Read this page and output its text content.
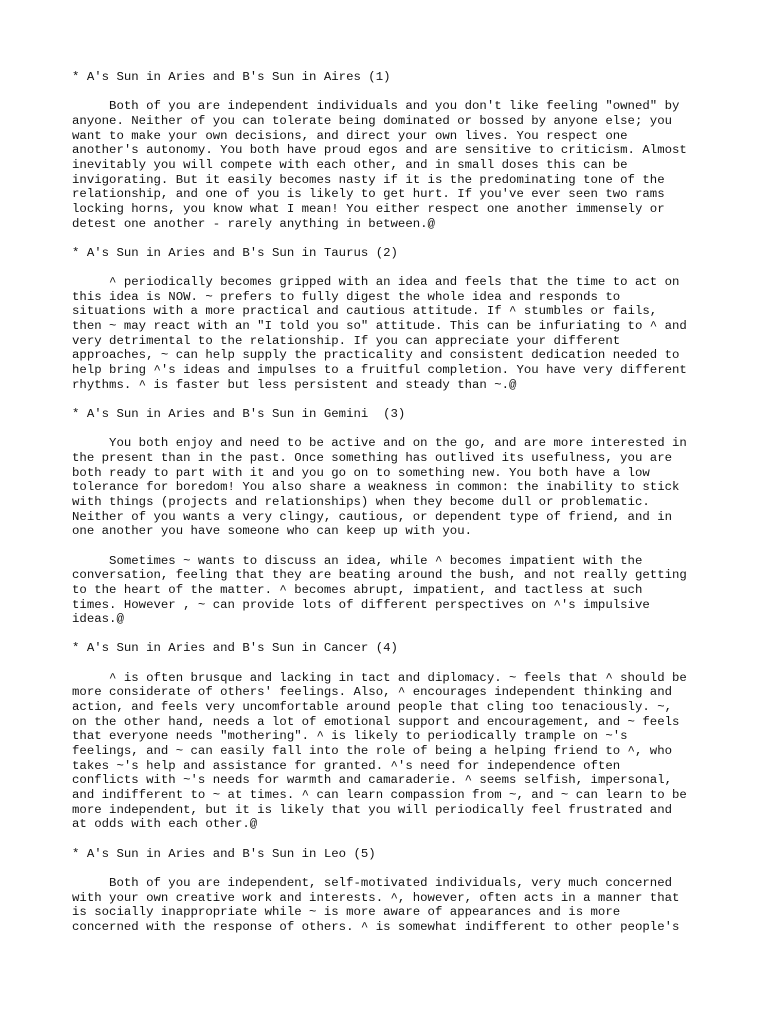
* A's Sun in Aries and B's Sun in Aires (1)
Both of you are independent individuals and you don't like feeling "owned" by
anyone. Neither of you can tolerate being dominated or bossed by anyone else; you
want to make your own decisions, and direct your own lives. You respect one
another's autonomy. You both have proud egos and are sensitive to criticism. Almost
inevitably you will compete with each other, and in small doses this can be
invigorating. But it easily becomes nasty if it is the predominating tone of the
relationship, and one of you is likely to get hurt. If you've ever seen two rams
locking horns, you know what I mean! You either respect one another immensely or
detest one another - rarely anything in between.@
* A's Sun in Aries and B's Sun in Taurus (2)
^ periodically becomes gripped with an idea and feels that the time to act on
this idea is NOW. ~ prefers to fully digest the whole idea and responds to
situations with a more practical and cautious attitude. If ^ stumbles or fails,
then ~ may react with an "I told you so" attitude. This can be infuriating to ^ and
very detrimental to the relationship. If you can appreciate your different
approaches, ~ can help supply the practicality and consistent dedication needed to
help bring ^'s ideas and impulses to a fruitful completion. You have very different
rhythms. ^ is faster but less persistent and steady than ~.@
* A's Sun in Aries and B's Sun in Gemini  (3)
You both enjoy and need to be active and on the go, and are more interested in
the present than in the past. Once something has outlived its usefulness, you are
both ready to part with it and you go on to something new. You both have a low
tolerance for boredom! You also share a weakness in common: the inability to stick
with things (projects and relationships) when they become dull or problematic.
Neither of you wants a very clingy, cautious, or dependent type of friend, and in
one another you have someone who can keep up with you.
Sometimes ~ wants to discuss an idea, while ^ becomes impatient with the
conversation, feeling that they are beating around the bush, and not really getting
to the heart of the matter. ^ becomes abrupt, impatient, and tactless at such
times. However , ~ can provide lots of different perspectives on ^'s impulsive
ideas.@
* A's Sun in Aries and B's Sun in Cancer (4)
^ is often brusque and lacking in tact and diplomacy. ~ feels that ^ should be
more considerate of others' feelings. Also, ^ encourages independent thinking and
action, and feels very uncomfortable around people that cling too tenaciously. ~,
on the other hand, needs a lot of emotional support and encouragement, and ~ feels
that everyone needs "mothering". ^ is likely to periodically trample on ~'s
feelings, and ~ can easily fall into the role of being a helping friend to ^, who
takes ~'s help and assistance for granted. ^'s need for independence often
conflicts with ~'s needs for warmth and camaraderie. ^ seems selfish, impersonal,
and indifferent to ~ at times. ^ can learn compassion from ~, and ~ can learn to be
more independent, but it is likely that you will periodically feel frustrated and
at odds with each other.@
* A's Sun in Aries and B's Sun in Leo (5)
Both of you are independent, self-motivated individuals, very much concerned
with your own creative work and interests. ^, however, often acts in a manner that
is socially inappropriate while ~ is more aware of appearances and is more
concerned with the response of others. ^ is somewhat indifferent to other people's
